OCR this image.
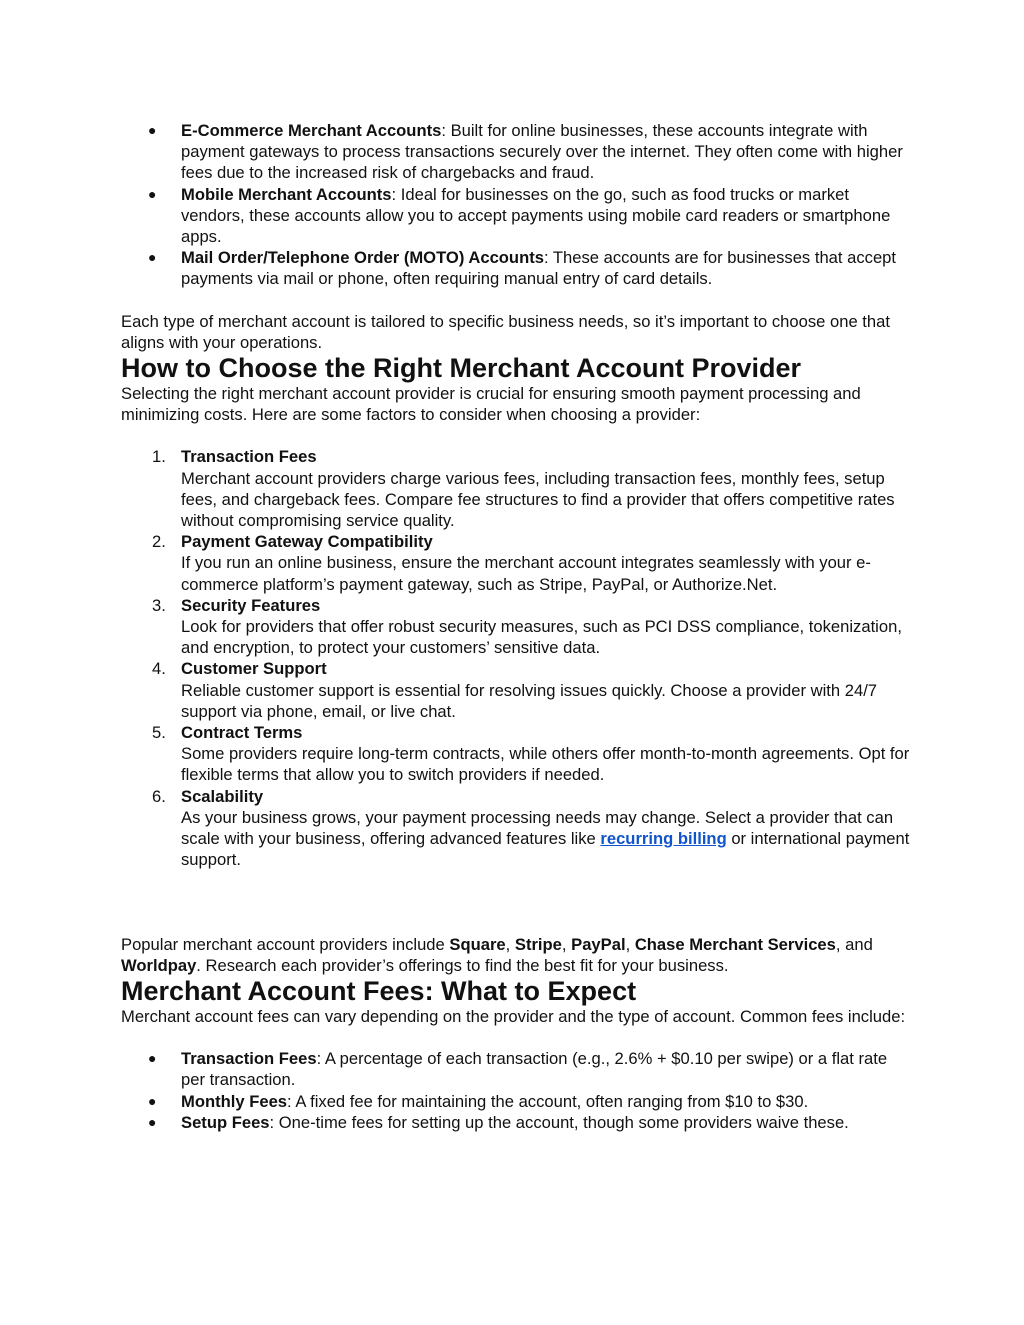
● E-Commerce Merchant Accounts: Built for online businesses, these accounts integrate with payment gateways to process transactions securely over the internet. They often come with higher fees due to the increased risk of chargebacks and fraud.
● Mobile Merchant Accounts: Ideal for businesses on the go, such as food trucks or market vendors, these accounts allow you to accept payments using mobile card readers or smartphone apps.
● Mail Order/Telephone Order (MOTO) Accounts: These accounts are for businesses that accept payments via mail or phone, often requiring manual entry of card details.

Each type of merchant account is tailored to specific business needs, so it’s important to choose one that aligns with your operations.

How to Choose the Right Merchant Account Provider

Selecting the right merchant account provider is crucial for ensuring smooth payment processing and minimizing costs. Here are some factors to consider when choosing a provider:

1. Transaction Fees
Merchant account providers charge various fees, including transaction fees, monthly fees, setup fees, and chargeback fees. Compare fee structures to find a provider that offers competitive rates without compromising service quality.
2. Payment Gateway Compatibility
If you run an online business, ensure the merchant account integrates seamlessly with your e-commerce platform’s payment gateway, such as Stripe, PayPal, or Authorize.Net.
3. Security Features
Look for providers that offer robust security measures, such as PCI DSS compliance, tokenization, and encryption, to protect your customers’ sensitive data.
4. Customer Support
Reliable customer support is essential for resolving issues quickly. Choose a provider with 24/7 support via phone, email, or live chat.
5. Contract Terms
Some providers require long-term contracts, while others offer month-to-month agreements. Opt for flexible terms that allow you to switch providers if needed.
6. Scalability
As your business grows, your payment processing needs may change. Select a provider that can scale with your business, offering advanced features like recurring billing or international payment support.

Popular merchant account providers include Square, Stripe, PayPal, Chase Merchant Services, and Worldpay. Research each provider’s offerings to find the best fit for your business.

Merchant Account Fees: What to Expect

Merchant account fees can vary depending on the provider and the type of account. Common fees include:

● Transaction Fees: A percentage of each transaction (e.g., 2.6% + $0.10 per swipe) or a flat rate per transaction.
● Monthly Fees: A fixed fee for maintaining the account, often ranging from $10 to $30.
● Setup Fees: One-time fees for setting up the account, though some providers waive these.
